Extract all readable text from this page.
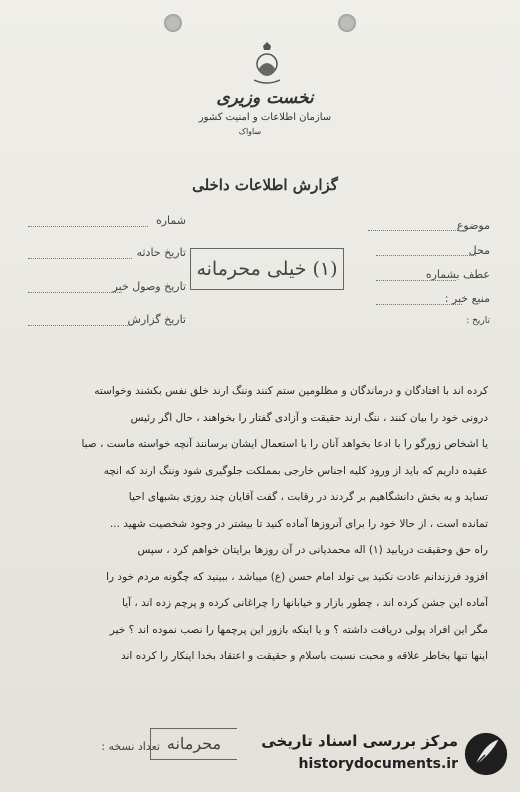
نخست وزیری
سازمان اطلاعات و امنیت کشور
ساواک
گزارش اطلاعات داخلی
شماره
تاریخ حادثه
تاریخ وصول خبر
تاریخ گزارش
موضوع
محل
عطف بشماره
منبع خبر :
تاریخ :
(۱) خیلی محرمانه
کرده اند با افتادگان و درماندگان و مظلومین ستم کنند وننگ ارند خلق نفس بکشند وخواسته
درونی خود را بیان کنند ، ننگ ارند حقیقت و آزادی گفتار را بخواهند ، حال اگر رئیس
یا اشخاص زورگو را با ادعا بخواهد آنان را با استعمال ایشان برسانند آنچه خواسته ماست ، صبا
عقیده داریم که باید از ورود کلیه اجناس خارجی بمملکت جلوگیری شود وننگ ارند که انچه
تساید و به بخش دانشگاهیم بر گردند در رقابت ، گفت آقایان چند روزی بشبهای احیا
تمانده است ، از حالا خود را برای آنروزها آماده کنید تا بیشتر در وجود شخصیت شهید ...
راه حق وحقیقت دریابید (۱) اله محمدیانی در آن روزها برایتان خواهم کرد ، سپس
افزود فرزندانم عادت نکنید بی تولد امام حسن (ع) میباشد ، ببینید که چگونه مردم خود را
آماده این جشن کرده اند ، چطور بازار و خیابانها را چراغانی کرده و پرچم زده اند ، آیا
مگر این افراد پولی دریافت داشته ؟ و یا اینکه بازور این پرچمها را نصب نموده اند ؟ خیر
اینها تنها بخاطر علاقه و محبت نسبت باسلام و حقیقت و اعتقاد بخدا اینکار را کرده اند
تعداد نسخه : محرمانه	مرکز بررسی اسناد تاریخی
historydocuments.ir
